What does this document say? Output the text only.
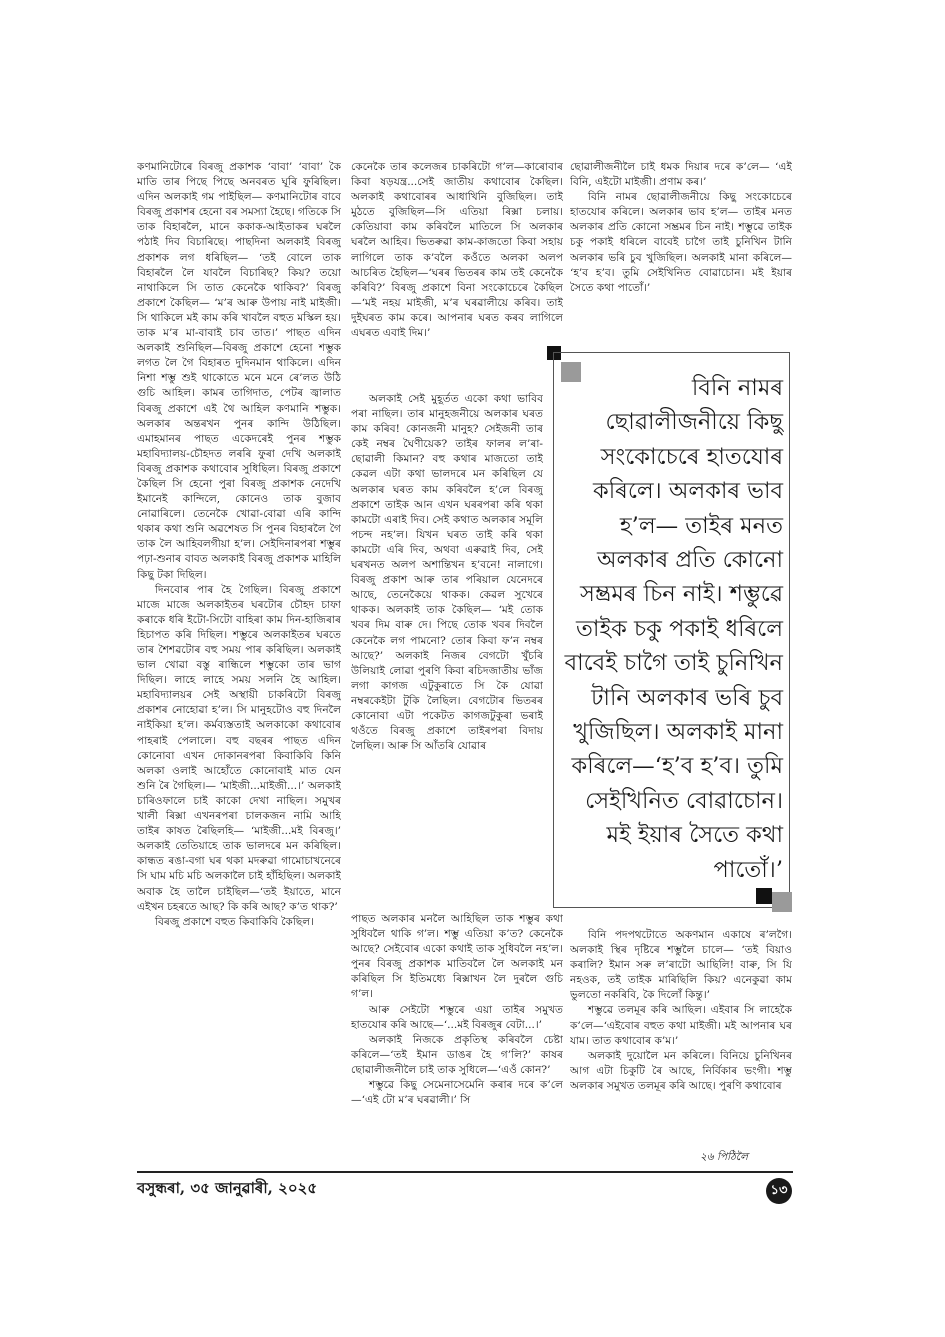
কণমানিটোৰে বিৰজু প্ৰকাশক ‘বাবা’ ‘বাবা’ কৈ মাতি তাৰ পিছে পিছে অনবৰত ঘূৰি ফুৰিছিল। এদিন অলকাই গম পাইছিল— কণমানিটোৰ বাবে বিৰজু প্ৰকাশৰ হেনো বৰ সমস্যা হৈছে। গতিকে সি তাক বিহাৰলৈ, মানে ককাক-আইতাকৰ ঘৰলৈ পঠাই দিব বিচাৰিছে। পাছদিনা অলকাই বিৰজু প্ৰকাশক লগ ধৰিছিল— ‘তই বোলে তাক বিহাৰলৈ লৈ যাবলৈ বিচাৰিছ? কিয়? তয়ো নাথাকিলে সি তাত কেনেকৈ থাকিব?’ বিৰজু প্ৰকাশে কৈছিল— ‘ম’ৰ আৰু উপায় নাই মাইজী। সি থাকিলে মই কাম কৰি খাবলৈ বহুত মস্কিল হয়। তাক ম’ৰ মা-বাবাই চাব তাত।’ পাছত এদিন অলকাই শুনিছিল—বিৰজু প্ৰকাশে হেনো শম্ভুক লগত লৈ গৈ বিহাৰত দুদিনমান থাকিলে। এদিন নিশা শম্ভু শুই থাকোতে মনে মনে ৰে’লত উঠি গুচি আহিল। কামৰ তাগিদাত, পেটৰ জ্বালাত বিৰজু প্ৰকাশে এই থৈ আহিল কণমানি শম্ভুক। অলকাৰ অন্তৰখন পুনৰ কান্দি উঠিছিল। এমাহমানৰ পাছত একেদৰেই পুনৰ শম্ভুক মহাবিদ্যালয়-চৌহদত লৰৰি ফুৰা দেখি অলকাই বিৰজু প্ৰকাশক কথাবোৰ সুধিছিল। বিৰজু প্ৰকাশে কৈছিল সি হেনো পুৰা বিৰজু প্ৰকাশক নেদেখি ইমানেই কান্দিলে, কোনেও তাক বুজাব নোৱাৰিলে। তেনেকৈ খোৱা-বোৱা এৰি কান্দি থকাৰ কথা শুনি অৱশেষত সি পুনৰ বিহাৰলৈ গৈ তাক লৈ আহিবলগীয়া হ’ল। সেইদিনাৰপৰা শম্ভুৰ পঢ়া-শুনাৰ বাবত অলকাই বিৰজু প্ৰকাশক মাহিলি কিছু টকা দিছিল।

দিনবোৰ পাৰ হৈ গৈছিল। বিৰজু প্ৰকাশে মাজে মাজে অলকাইতৰ ঘৰটোৰ চৌহদ চাফা কৰাকে ধৰি ইটো-সিটো বাহিৰা কাম দিন-হাজিৰাৰ হিচাপত কৰি দিছিল। শম্ভুৰে অলকাইতৰ ঘৰতে তাৰ শৈশৱটোৰ বহু সময় পাৰ কৰিছিল। অলকাই ভাল খোৱা বস্তু ৰান্ধিলে শম্ভুকো তাৰ ভাগ দিছিল। লাহে লাহে সময় সলনি হৈ আহিল। মহাবিদ্যালয়ৰ সেই অস্থায়ী চাকৰিটো বিৰজু প্ৰকাশৰ নোহোৱা হ’ল। সি মানুহটোও বহু দিনলৈ নাইকিয়া হ’ল। কৰ্মব্যস্ততাই অলকাকো কথাবোৰ পাহৰাই পেলালে। বহু বছৰৰ পাছত এদিন কোনোবা এখন দোকানৰপৰা কিবাকিবি কিনি অলকা ওলাই আহোঁতে কোনোবাই মাত যেন শুনি ৰৈ গৈছিল।— ‘মাইজী...মাইজী...।’ অলকাই চাৰিওফালে চাই কাকো দেখা নাছিল। সমুখৰ খালী ৰিক্সা এখনৰপৰা চালকজন নামি আহি তাইৰ কাষত ৰৈছিলহি— ‘মাইজী...মই বিৰজু।’ অলকাই তেতিয়াহে তাক ভালদৰে মন কৰিছিল। কান্ধত ৰঙা-বগা ঘৰ থকা মদৰুৱা গামোচাখনেৰে সি ঘাম মচি মচি অলকালৈ চাই হাঁহিছিল। অলকাই অবাক হৈ তালৈ চাইছিল—‘তই ইয়াতে, মানে এইখন চহৰতে আছ? কি কৰি আছ? ক’ত থাক?’

বিৰজু প্ৰকাশে বহুত কিবাকিবি কৈছিল।

কেনেকৈ তাৰ কলেজৰ চাকৰিটো গ’ল—কাৰোবাৰ কিবা ষড়যন্ত্ৰ...সেই জাতীয় কথাবোৰ কৈছিল। অলকাই কথাবোৰৰ আধাখিনি বুজিছিল। তাই মুঠতে বুজিছিল—সি এতিয়া ৰিক্সা চলায়। কেতিয়াবা কাম কৰিবলৈ মাতিলে সি অলকাৰ ঘৰলৈ আহিব। ভিতৰুৱা কাম-কাজতো কিবা সহায় লাগিলে তাক ক’বলৈ কওঁতে অলকা অলপ আচৰিত হৈছিল—‘ঘৰৰ ভিতৰৰ কাম তই কেনেকৈ কৰিবি?’ বিৰজু প্ৰকাশে বিনা সংকোচেৰে কৈছিল—‘মই নহয় মাইজী, ম’ৰ ঘৰৱালীয়ে কৰিব। তাই দুইঘৰত কাম কৰে। আপনাৰ ঘৰত কৰব লাগিলে এঘৰত এবাই দিম।’

অলকাই সেই মুহূৰ্তত একো কথা ভাবিব পৰা নাছিল। তাৰ মানুহজনীয়ে অলকাৰ ঘৰত কাম কৰিব! কোনজনী মানুহ? সেইজনী তাৰ কেই নম্বৰ ঘৈণীয়েক? তাইৰ ফালৰ ল’ৰা-ছোৱালী কিমান? বহু কথাৰ মাজতো তাই কেৱল এটা কথা ভালদৰে মন কৰিছিল যে অলকাৰ ঘৰত কাম কৰিবলৈ হ’লে বিৰজু প্ৰকাশে তাইক আন এখন ঘৰৰপৰা কৰি থকা কামটো এৰাই দিব। সেই কথাত অলকাৰ সমূলি পচন্দ নহ’ল। যিখন ঘৰত তাই কৰি থকা কামটো এৰি দিব, অথবা এৰুৱাই দিব, সেই ঘৰখনত অলপ অশান্তিখন হ’বনে! নালাগে। বিৰজু প্ৰকাশ আৰু তাৰ পৰিয়াল যেনেদৰে আছে, তেনেকৈয়ে থাকক। কেৱল সুখেৰে থাকক। অলকাই তাক কৈছিল— ‘মই তোক খবৰ দিম বাৰু দে। পিছে তোক খবৰ দিবলৈ কেনেকৈ লগ পামনো? তোৰ কিবা ফ’ন নম্বৰ আছে?’ অলকাই নিজৰ বেগটো খুঁচৰি উলিয়াই লোৱা পুৰণি কিবা ৰচিদজাতীয় ভাঁজ লগা কাগজ এটুকুৰাতে সি কৈ যোৱা নম্বৰকেইটা টুকি লৈছিল। বেগটোৰ ভিতৰৰ কোনোবা এটা পকেটত কাগজটুকুৰা ভৰাই থওঁতে বিৰজু প্ৰকাশে তাইৰপৰা বিদায় লৈছিল। আৰু সি আঁতৰি যোৱাৰ

পাছত অলকাৰ মনলৈ আহিছিল তাক শম্ভুৰ কথা সুধিবলৈ থাকি গ’ল। শম্ভু এতিয়া ক’ত? কেনেকৈ আছে? সেইবোৰ একো কথাই তাক সুধিবলৈ নহ’ল। পুনৰ বিৰজু প্ৰকাশক মাতিবলৈ লৈ অলকাই মন কৰিছিল সি ইতিমধ্যে ৰিক্সাখন লৈ দুৰলৈ গুচি গ’ল।

আৰু সেইটো শম্ভুৰে এয়া তাইৰ সমুখত হাতযোৰ কৰি আছে—‘...মই বিৰজুৰ বেটা...।’

অলকাই নিজকে প্ৰকৃতিস্থ কৰিবলৈ চেষ্টা কৰিলে—‘তই ইমান ডাঙৰ হৈ গ’লি?’ কাষৰ ছোৱালীজনীলৈ চাই তাক সুধিলে—‘এওঁ কোন?’

শম্ভুৱে কিছু সেমেনাসেমেনি কৰাৰ দৰে ক’লে—‘এই টো ম’ৰ ঘৰৱালী।’ সি

ছোৱালীজনীলৈ চাই ধমক দিয়াৰ দৰে ক’লে— ‘এই বিনি, এইটো মাইজী। প্ৰণাম কৰ।’

বিনি নামৰ ছোৱালীজনীয়ে কিছু সংকোচেৰে হাতযোৰ কৰিলে। অলকাৰ ভাব হ’ল— তাইৰ মনত অলকাৰ প্ৰতি কোনো সম্ভ্ৰমৰ চিন নাই। শম্ভুৱে তাইক চকু পকাই ধৰিলে বাবেই চাগৈ তাই চুনিখিন টানি অলকাৰ ভৰি চুব খুজিছিল। অলকাই মানা কৰিলে— ‘হ’ব হ’ব। তুমি সেইখিনিত বোৱাচোন। মই ইয়াৰ সৈতে কথা পাতোঁ।’

বিনি নামৰ ছোৱালীজনীয়ে কিছু সংকোচেৰে হাতযোৰ কৰিলে। অলকাৰ ভাব হ’ল— তাইৰ মনত অলকাৰ প্ৰতি কোনো সম্ভ্ৰমৰ চিন নাই। শম্ভুৱে তাইক চকু পকাই ধৰিলে বাবেই চাগৈ তাই চুনিখিন টানি অলকাৰ ভৰি চুব খুজিছিল। অলকাই মানা কৰিলে—‘হ’ব হ’ব। তুমি সেইখিনিত বোৱাচোন। মই ইয়াৰ সৈতে কথা পাতোঁ।’

বিনি পদপথটোতে অকণমান একাষে ৰ’লগৈ। অলকাই স্থিৰ দৃষ্টিৰে শম্ভুলৈ চালে— ‘তই বিয়াও কৰালি? ইমান সৰু ল’ৰাটো আছিলি! বাৰু, সি যি নহওক, তই তাইক মাৰিছিলি কিয়? এনেকুৱা কাম ভুলতো নকৰিবি, কৈ দিলোঁ কিন্তু।’

শম্ভুৱে তলমূৰ কৰি আছিল। এইবাৰ সি লাহেকৈ ক’লে—‘এইবোৰ বহুত কথা মাইজী। মই আপনাৰ ঘৰ যাম। তাত কথাবোৰ ক’ম।’

অলকাই দুয়োলৈ মন কৰিলে। বিনিয়ে চুনিখিনৰ আগ এটা চিকুটি ৰৈ আছে, নিৰ্বিকাৰ ভংগী। শম্ভু অলকাৰ সমুখত তলমূৰ কৰি আছে। পুৰণি কথাবোৰ

২৬ পিঠিলৈ
বসুন্ধৰা, ৩৫ জানুৱাৰী, ২০২৫	১৩
